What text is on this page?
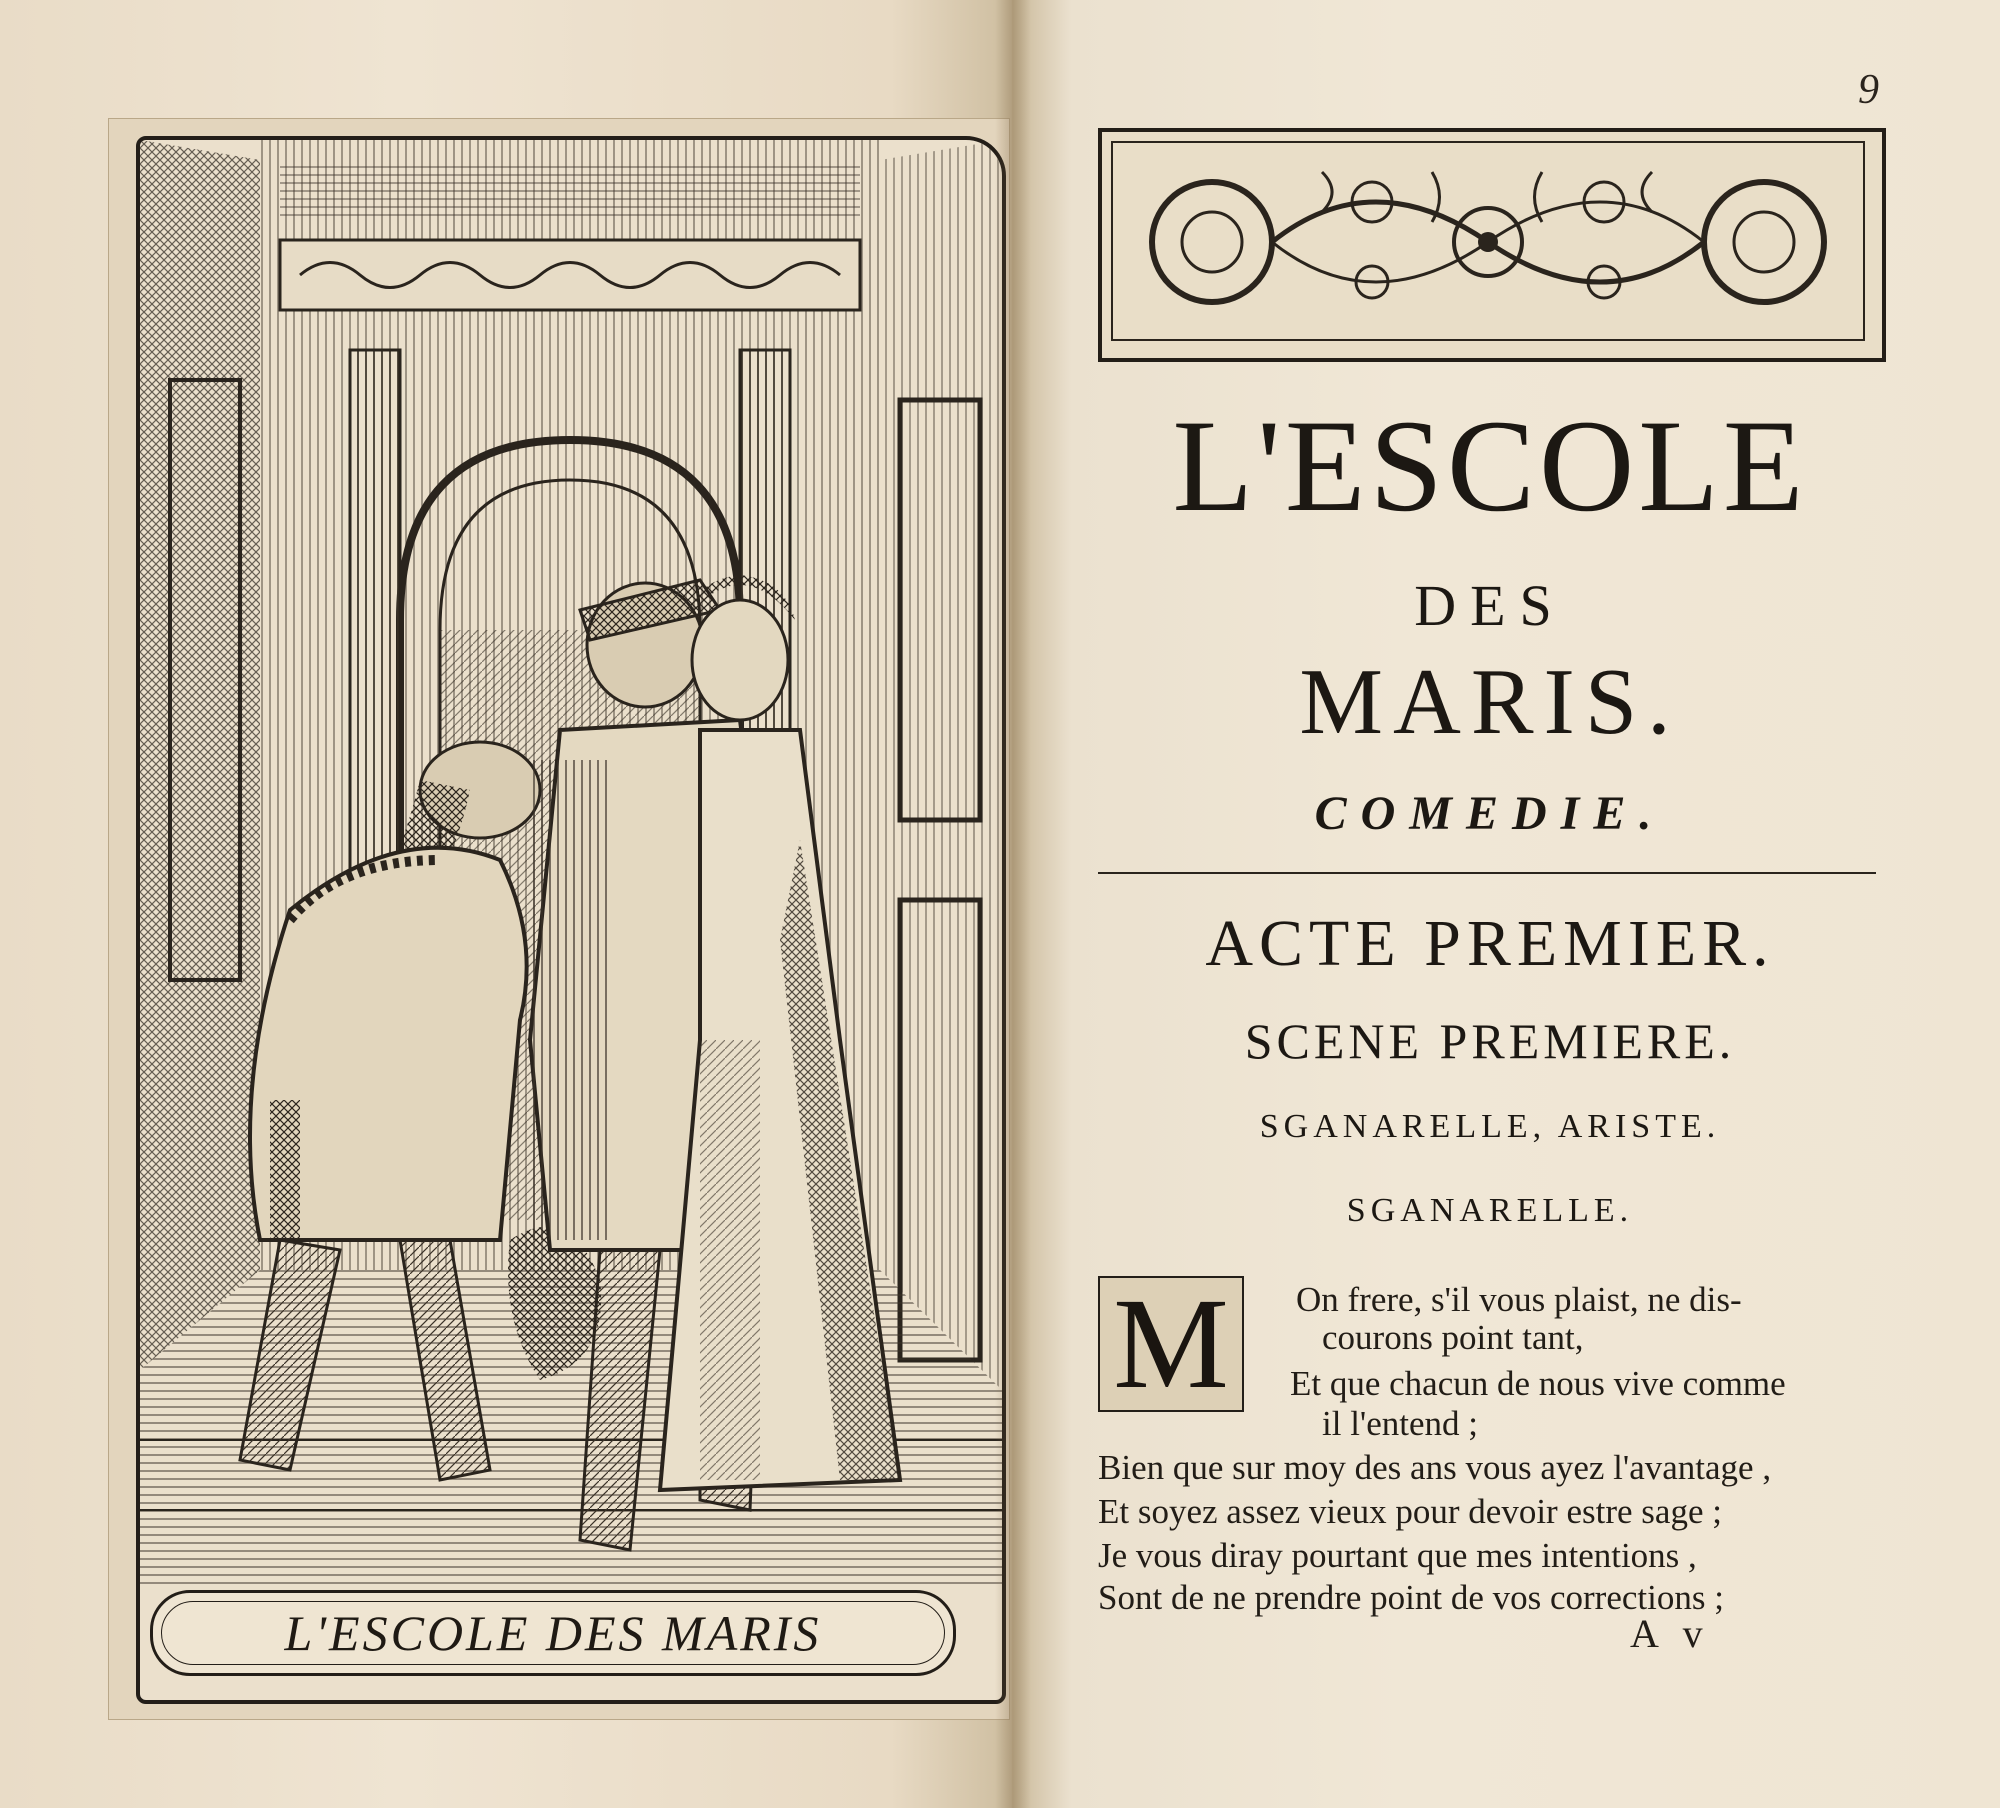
L'ESCOLE DES MARIS
9
L'ESCOLE
DES
MARIS.
COMEDIE.
ACTE PREMIER.
SCENE PREMIERE.
SGANARELLE, ARISTE.
SGANARELLE.
M	On frere, s'il vous plaist, ne dis-
courons point tant,
Et que chacun de nous vive comme
il l'entend ;
Bien que sur moy des ans vous ayez l'avantage ,
Et soyez assez vieux pour devoir estre sage ;
Je vous diray pourtant que mes intentions ,
Sont de ne prendre point de vos corrections ;
A v
